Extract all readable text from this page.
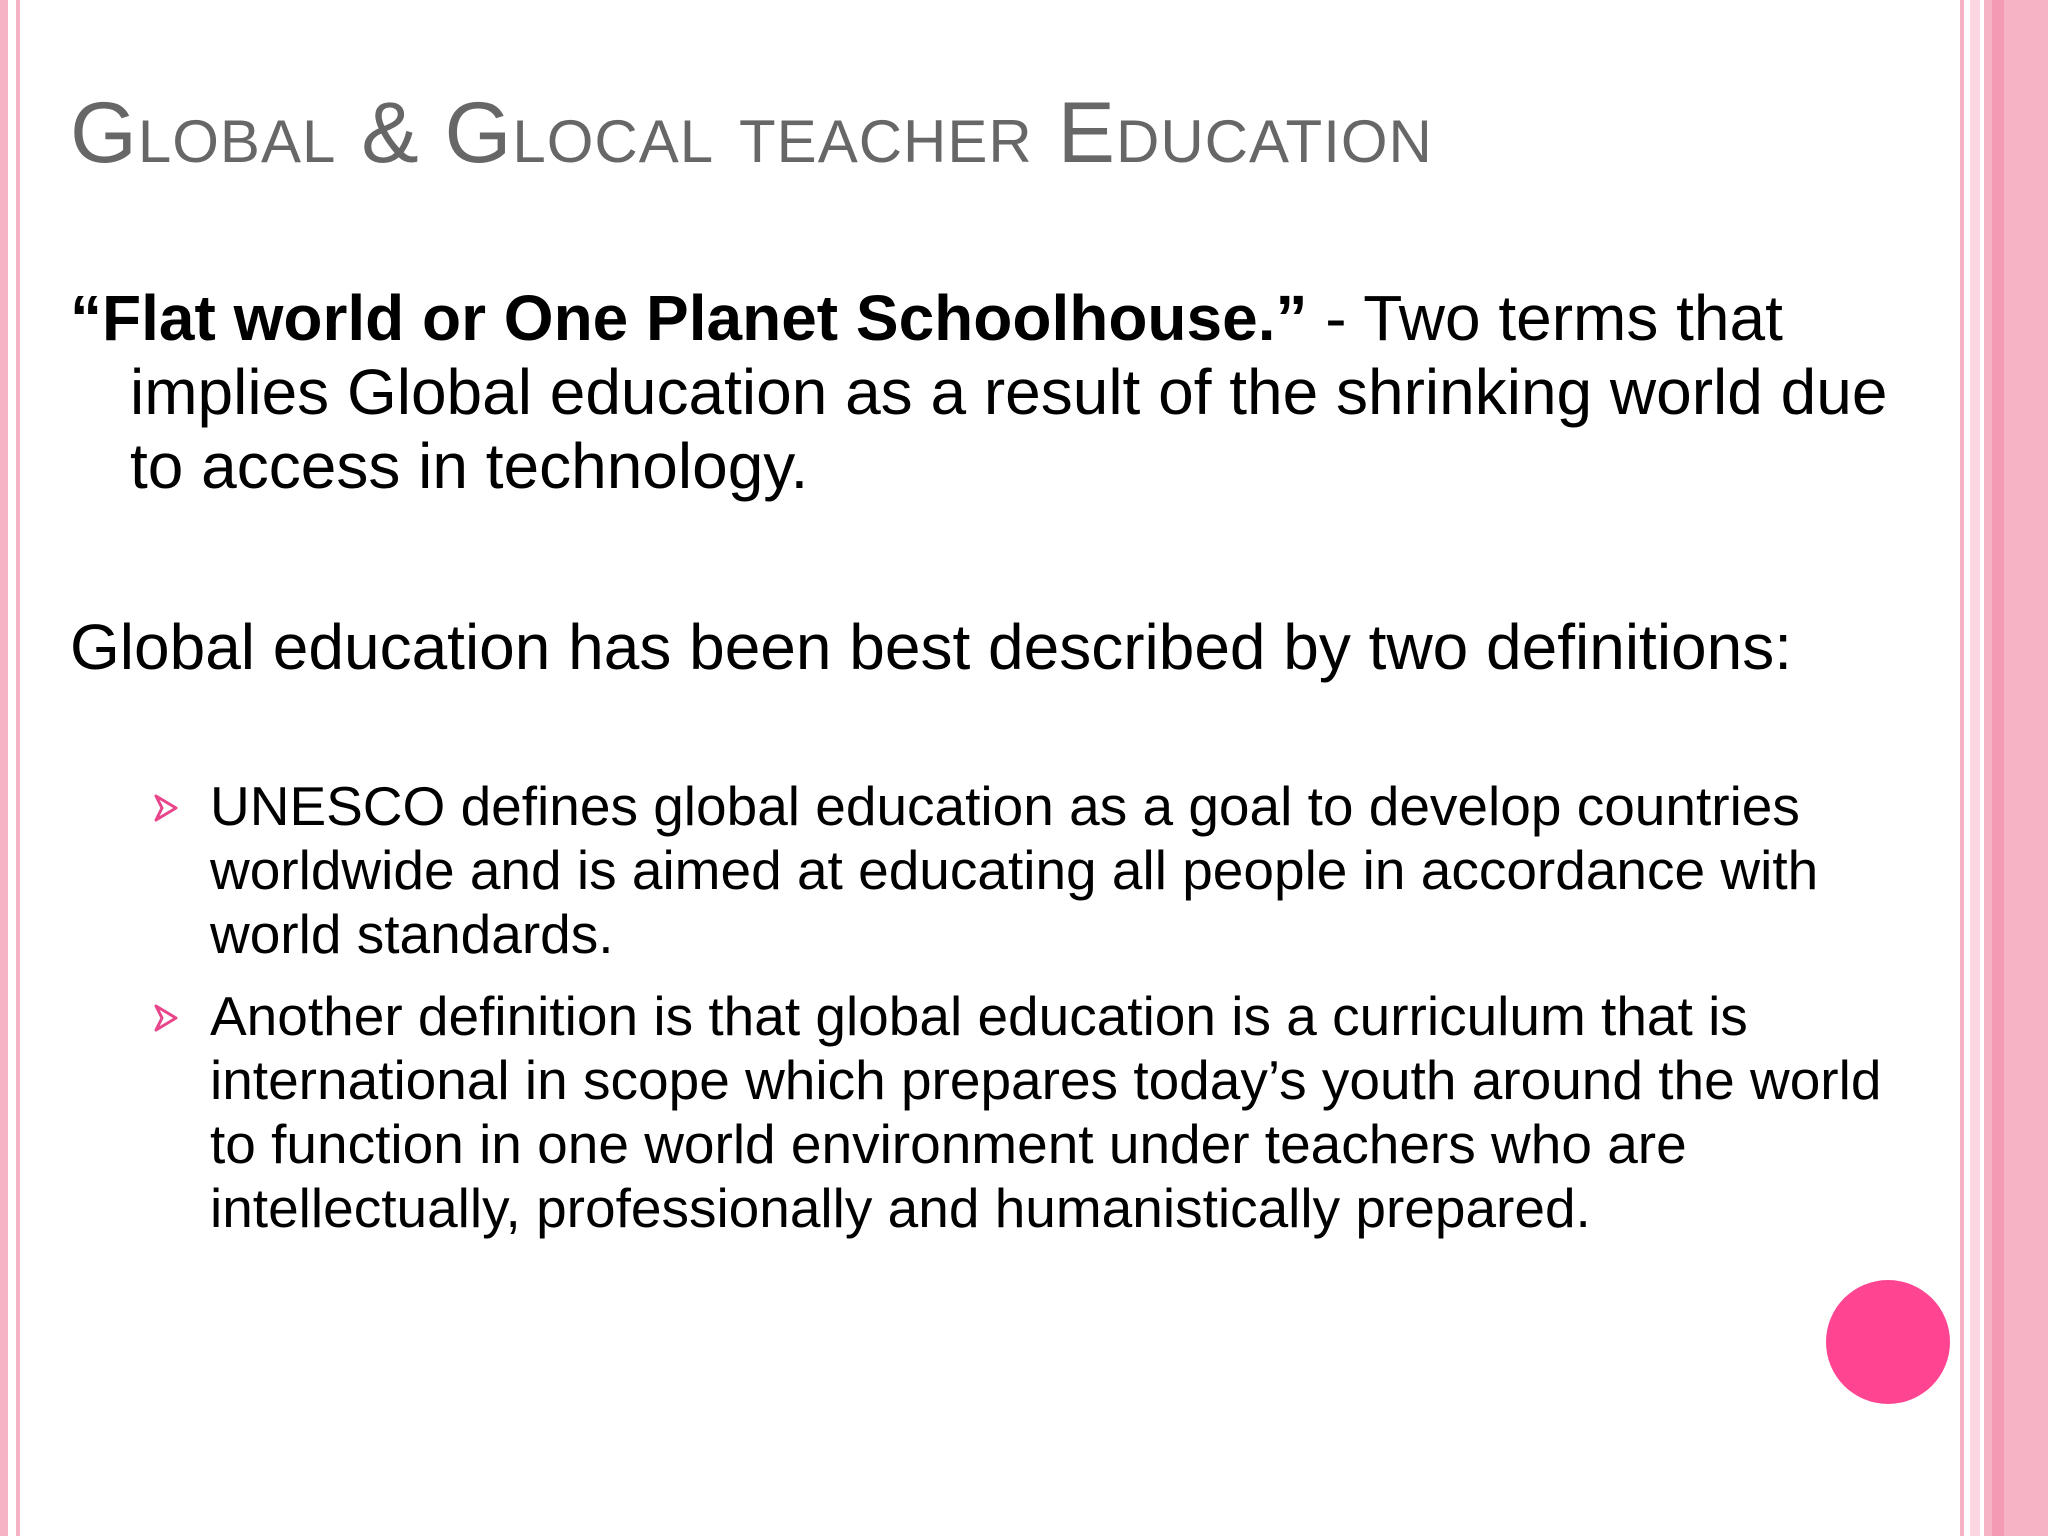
Global & Glocal teacher Education

“Flat world or One Planet Schoolhouse.” - Two terms that implies Global education as a result of the shrinking world due to access in technology.

Global education has been best described by two definitions:

UNESCO defines global education as a goal to develop countries worldwide and is aimed at educating all people in accordance with world standards.

Another definition is that global education is a curriculum that is international in scope which prepares today’s youth around the world to function in one world environment under teachers who are intellectually, professionally and humanistically prepared.
